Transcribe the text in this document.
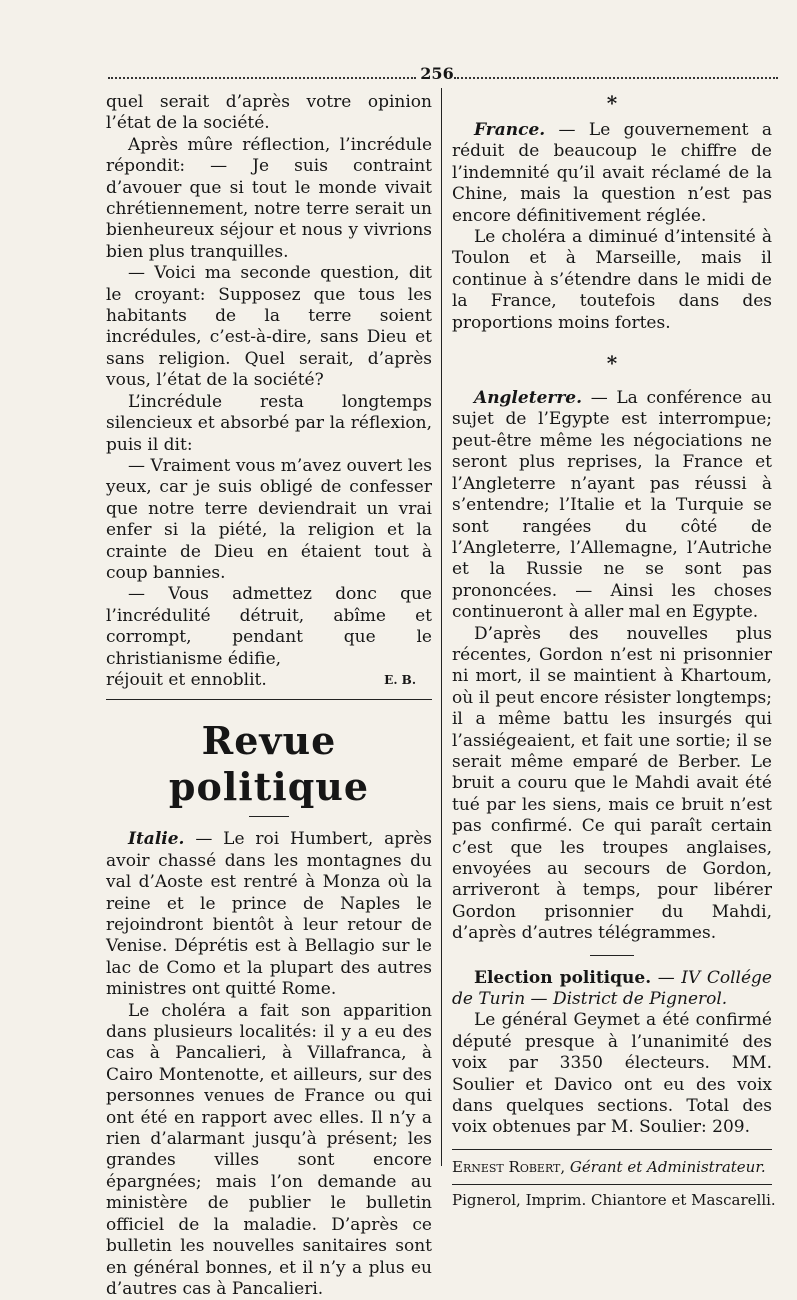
256

quel serait d’après votre opinion l’état de la société.

Après mûre réflection, l’incrédule répondit: — Je suis contraint d’avouer que si tout le monde vivait chrétiennement, notre terre serait un bienheureux séjour et nous y vivrions bien plus tranquilles.

— Voici ma seconde question, dit le croyant: Supposez que tous les habitants de la terre soient incrédules, c’est-à-dire, sans Dieu et sans religion. Quel serait, d’après vous, l’état de la société?

L’incrédule resta longtemps silencieux et absorbé par la réflexion, puis il dit:

— Vraiment vous m’avez ouvert les yeux, car je suis obligé de confesser que notre terre deviendrait un vrai enfer si la piété, la religion et la crainte de Dieu en étaient tout à coup bannies.

— Vous admettez donc que l’incrédulité détruit, abîme et corrompt, pendant que le christianisme édifie,

réjouit et ennoblit.	E. B.
Revue politique

Italie. — Le roi Humbert, après avoir chassé dans les montagnes du val d’Aoste est rentré à Monza où la reine et le prince de Naples le rejoindront bientôt à leur retour de Venise. Déprétis est à Bellagio sur le lac de Como et la plupart des autres ministres ont quitté Rome.

Le choléra a fait son apparition dans plusieurs localités: il y a eu des cas à Pancalieri, à Villafranca, à Cairo Montenotte, et ailleurs, sur des personnes venues de France ou qui ont été en rapport avec elles. Il n’y a rien d’alarmant jusqu’à présent; les grandes villes sont encore épargnées; mais l’on demande au ministère de publier le bulletin officiel de la maladie. D’après ce bulletin les nouvelles sanitaires sont en général bonnes, et il n’y a plus eu d’autres cas à Pancalieri.

*

France. — Le gouvernement a réduit de beaucoup le chiffre de l’indemnité qu’il avait réclamé de la Chine, mais la question n’est pas encore définitivement réglée.

Le choléra a diminué d’intensité à Toulon et à Marseille, mais il continue à s’étendre dans le midi de la France, toutefois dans des proportions moins fortes.

*

Angleterre. — La conférence au sujet de l’Egypte est interrompue; peut-être même les négociations ne seront plus reprises, la France et l’Angleterre n’ayant pas réussi à s’entendre; l’Italie et la Turquie se sont rangées du côté de l’Angleterre, l’Allemagne, l’Autriche et la Russie ne se sont pas prononcées. — Ainsi les choses continueront à aller mal en Egypte.

D’après des nouvelles plus récentes, Gordon n’est ni prisonnier ni mort, il se maintient à Khartoum, où il peut encore résister longtemps; il a même battu les insurgés qui l’assiégeaient, et fait une sortie; il se serait même emparé de Berber. Le bruit a couru que le Mahdi avait été tué par les siens, mais ce bruit n’est pas confirmé. Ce qui paraît certain c’est que les troupes anglaises, envoyées au secours de Gordon, arriveront à temps, pour libérer Gordon prisonnier du Mahdi, d’après d’autres télégrammes.

Election politique. — IV Collége de Turin — District de Pignerol.

Le général Geymet a été confirmé député presque à l’unanimité des voix par 3350 électeurs. MM. Soulier et Davico ont eu des voix dans quelques sections. Total des voix obtenues par M. Soulier: 209.

Ernest Robert, Gérant et Administrateur.
Pignerol, Imprim. Chiantore et Mascarelli.
